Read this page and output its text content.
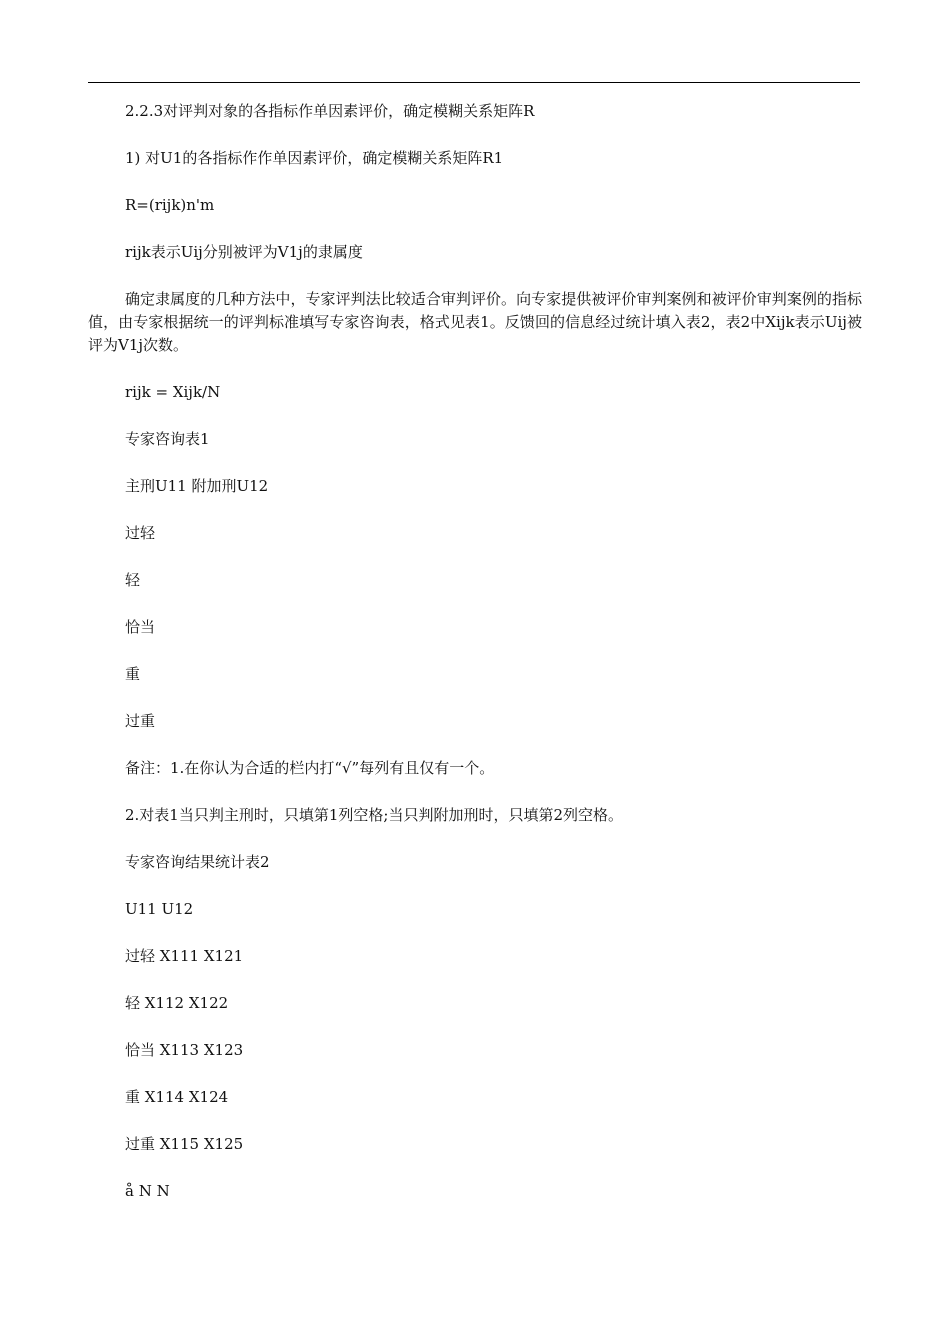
2.2.3对评判对象的各指标作单因素评价，确定模糊关系矩阵R

1) 对U1的各指标作作单因素评价，确定模糊关系矩阵R1

R=(rijk)n'm

rijk表示Uij分别被评为V1j的隶属度

确定隶属度的几种方法中，专家评判法比较适合审判评价。向专家提供被评价审判案例和被评价审判案例的指标值，由专家根据统一的评判标准填写专家咨询表，格式见表1。反馈回的信息经过统计填入表2，表2中Xijk表示Uij被评为V1j次数。

rijk = Xijk/N

专家咨询表1

主刑U11 附加刑U12

过轻

轻

恰当

重

过重

备注：1.在你认为合适的栏内打“√”每列有且仅有一个。

2.对表1当只判主刑时，只填第1列空格;当只判附加刑时，只填第2列空格。

专家咨询结果统计表2

U11 U12

过轻 X111 X121

轻 X112 X122

恰当 X113 X123

重 X114 X124

过重 X115 X125

å N N
